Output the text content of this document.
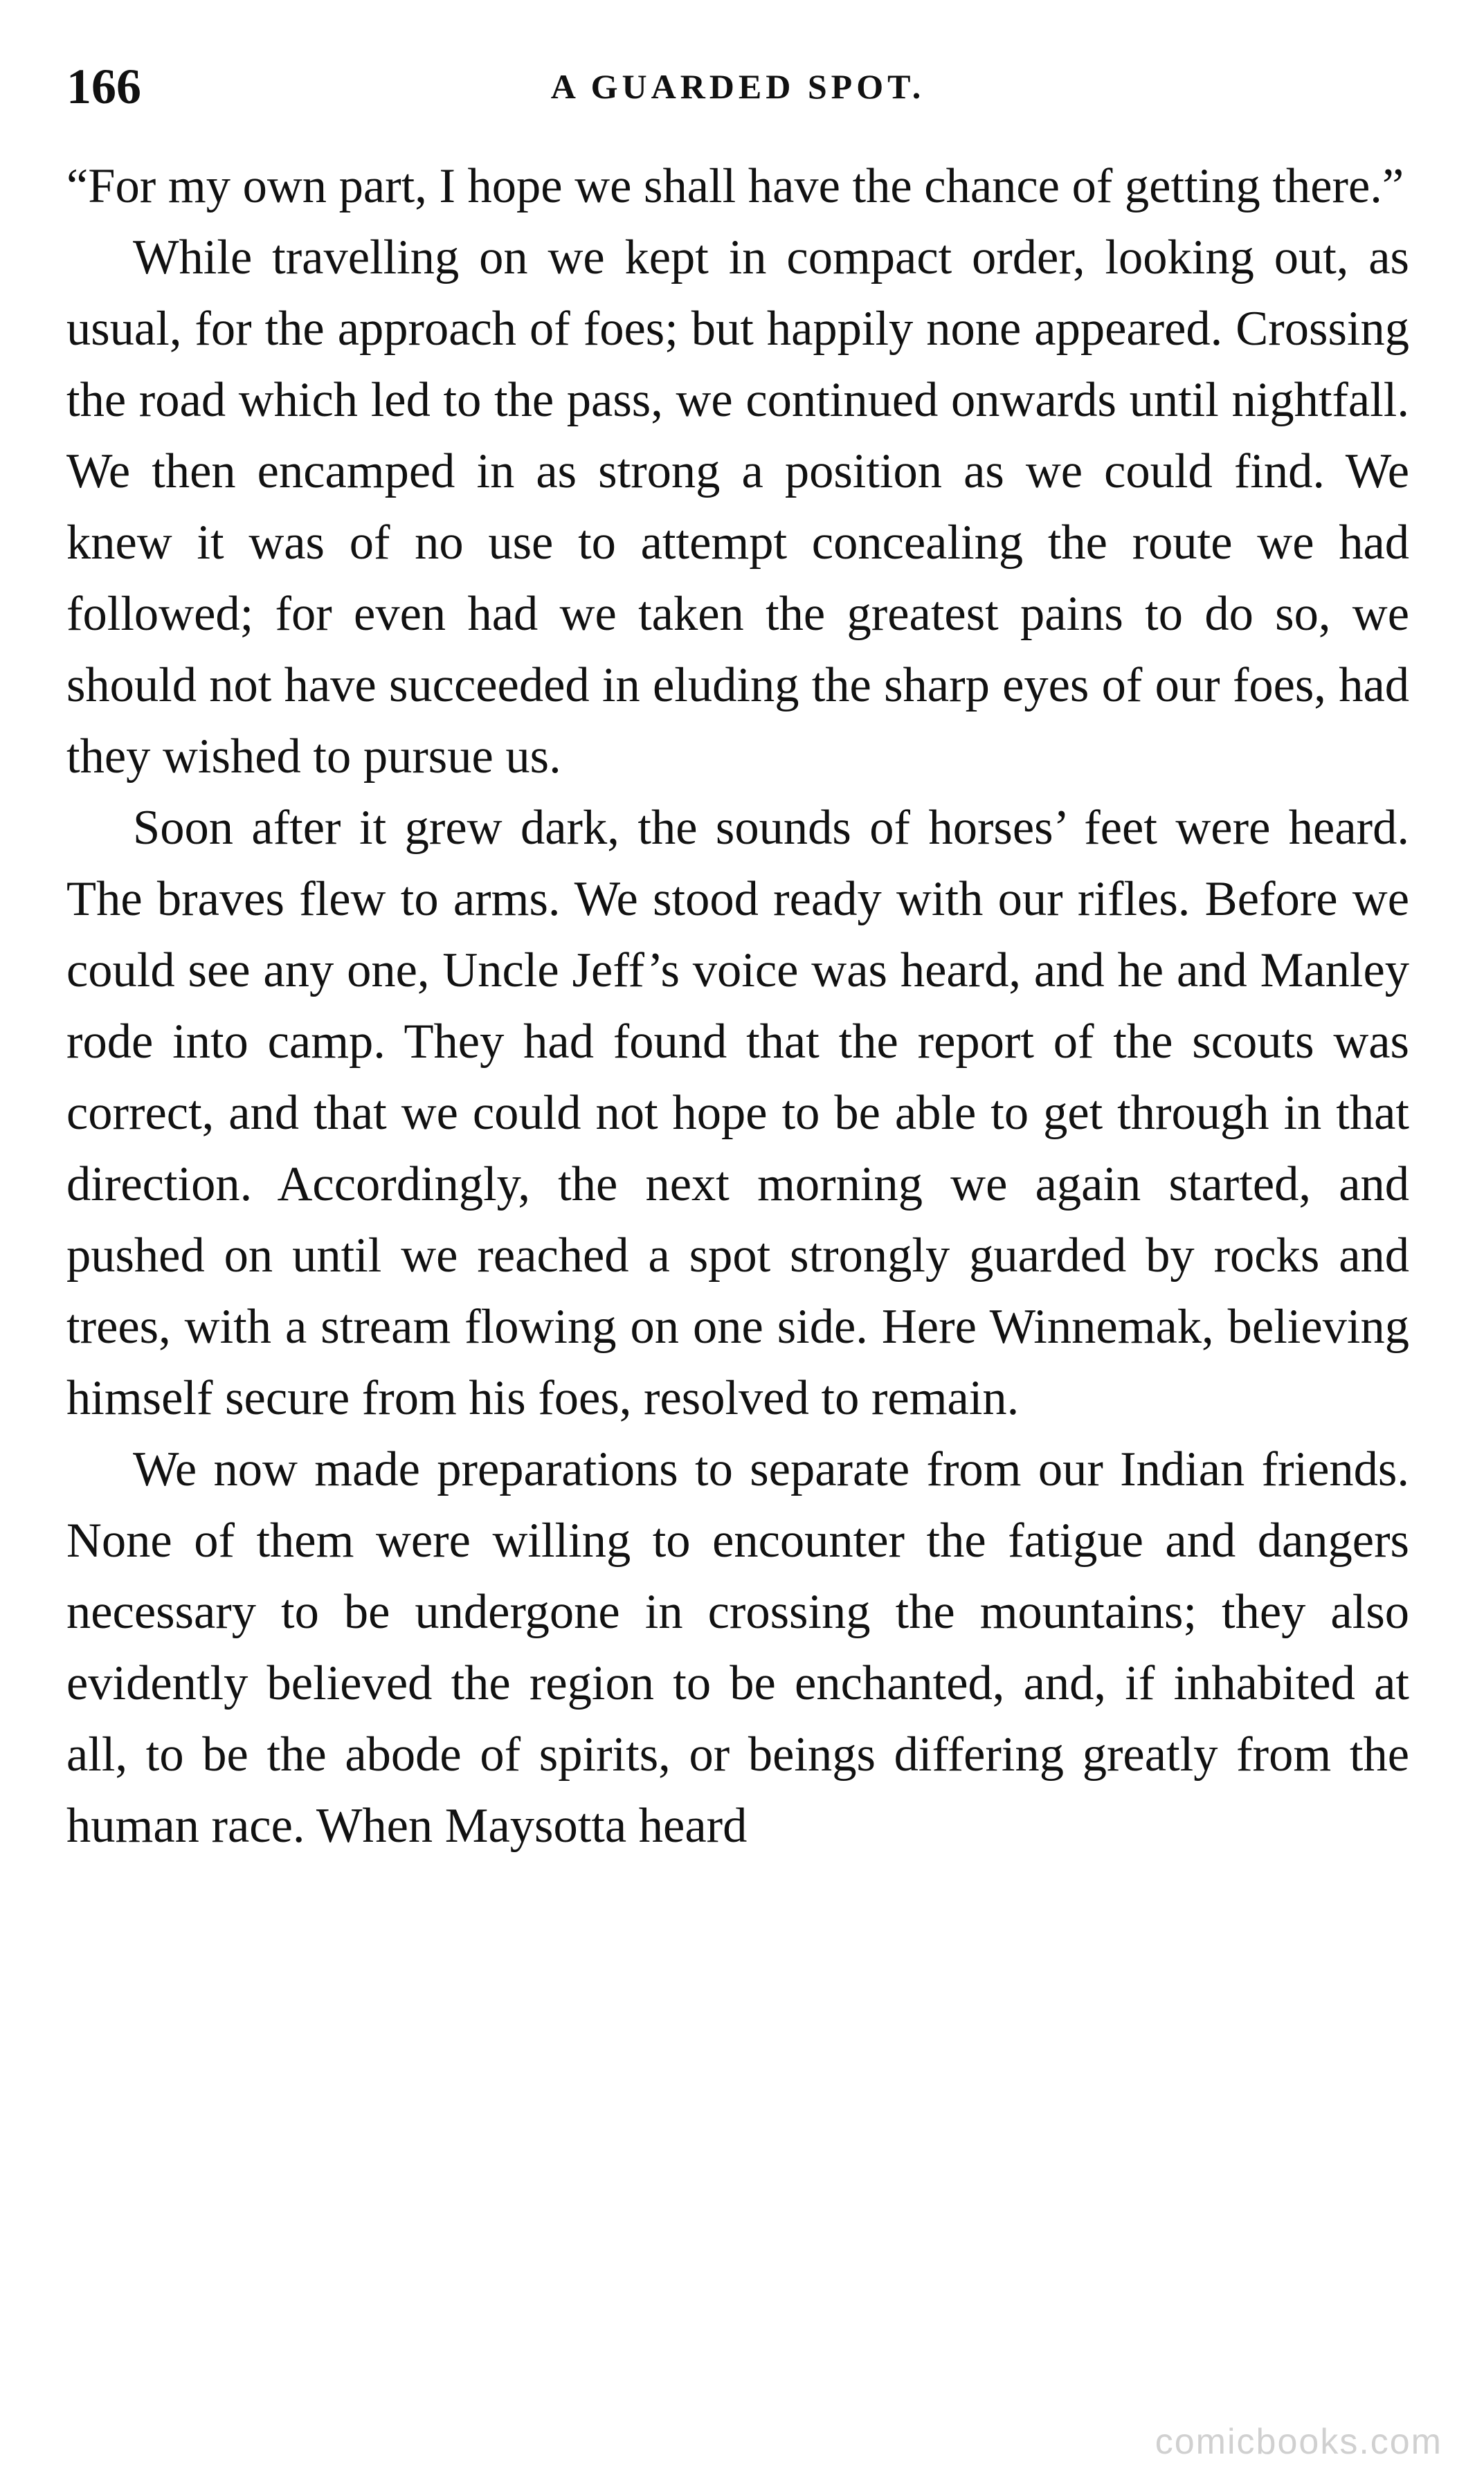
166	A GUARDED SPOT.

“For my own part, I hope we shall have the chance of getting there.”

While travelling on we kept in compact order, looking out, as usual, for the approach of foes; but happily none appeared. Crossing the road which led to the pass, we continued onwards until nightfall. We then encamped in as strong a position as we could find. We knew it was of no use to attempt concealing the route we had followed; for even had we taken the greatest pains to do so, we should not have succeeded in eluding the sharp eyes of our foes, had they wished to pursue us.

Soon after it grew dark, the sounds of horses’ feet were heard. The braves flew to arms. We stood ready with our rifles. Before we could see any one, Uncle Jeff’s voice was heard, and he and Manley rode into camp. They had found that the report of the scouts was correct, and that we could not hope to be able to get through in that direction. Accordingly, the next morning we again started, and pushed on until we reached a spot strongly guarded by rocks and trees, with a stream flowing on one side. Here Winnemak, believing himself secure from his foes, resolved to remain.

We now made preparations to separate from our Indian friends. None of them were willing to encounter the fatigue and dangers necessary to be undergone in crossing the mountains; they also evidently believed the region to be enchanted, and, if inhabited at all, to be the abode of spirits, or beings differing greatly from the human race. When Maysotta heard

comicbooks.com
